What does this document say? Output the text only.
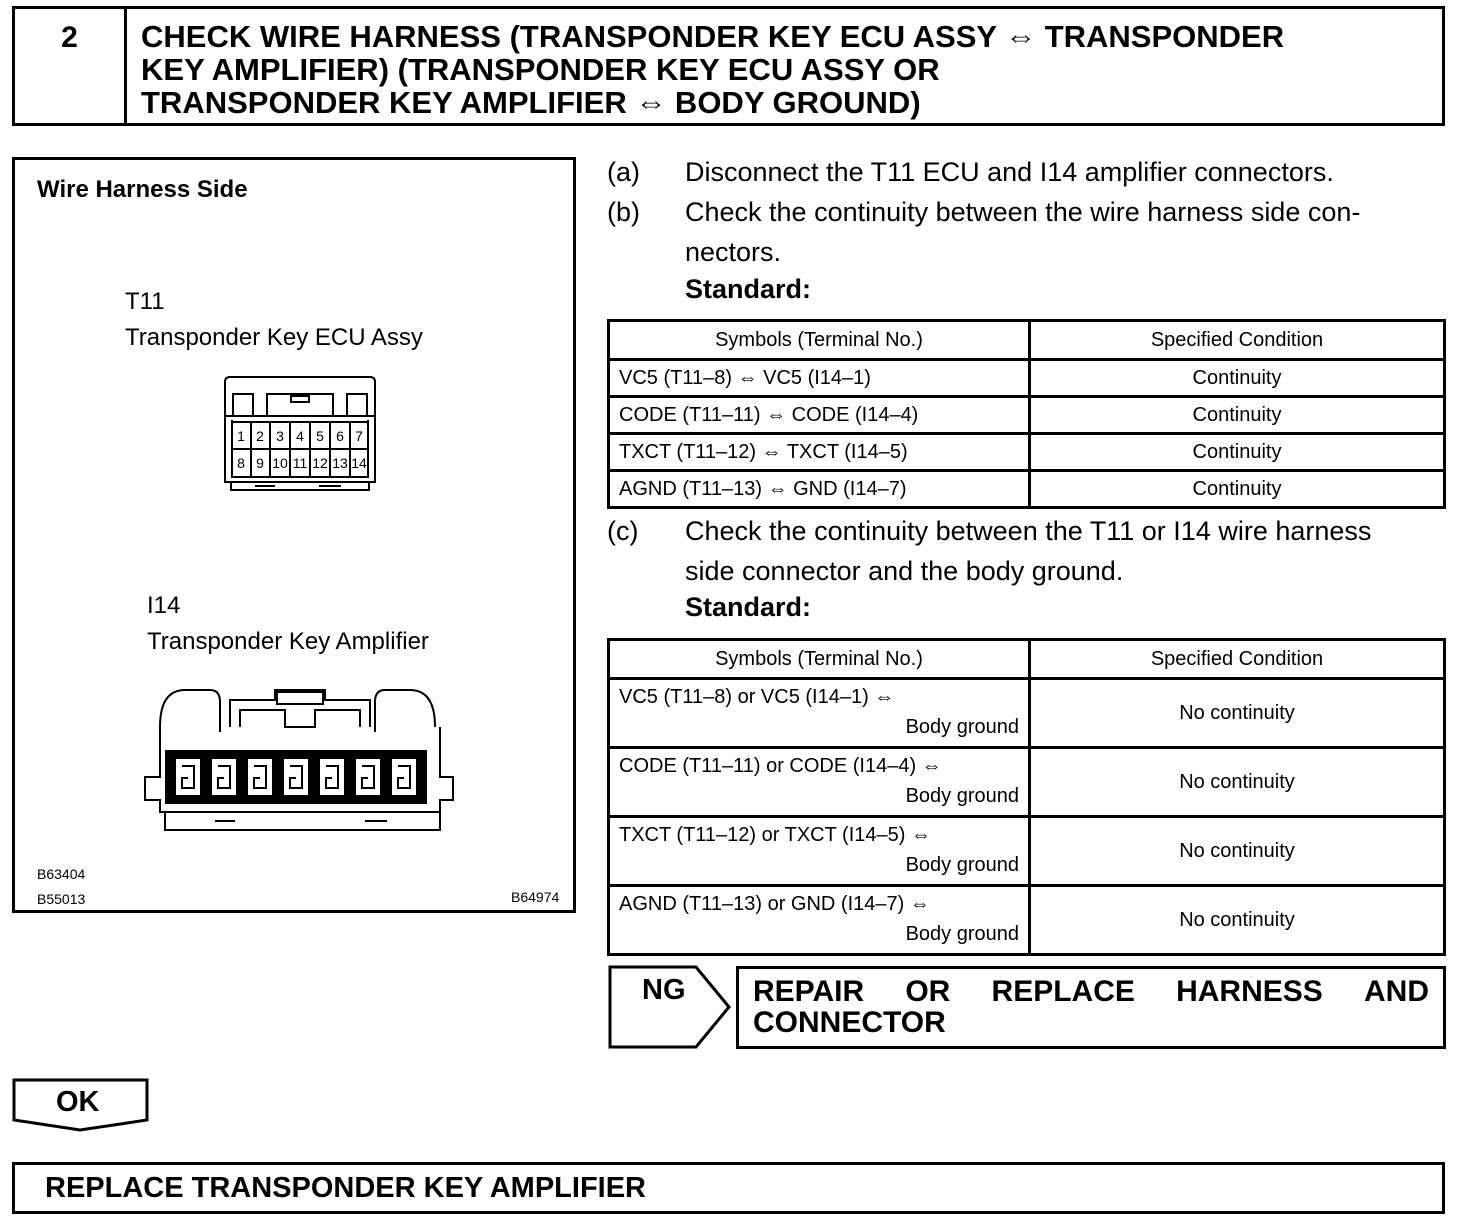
2	CHECK WIRE HARNESS (TRANSPONDER KEY ECU ASSY ⇔ TRANSPONDER
KEY AMPLIFIER) (TRANSPONDER KEY ECU ASSY OR
TRANSPONDER KEY AMPLIFIER ⇔ BODY GROUND)
Wire Harness Side
T11
Transponder Key ECU Assy
1 2 3 4 5 6 7
8 9 10 11 12 13 14
I14
Transponder Key Amplifier
B63404
B55013	B64974
(a) Disconnect the T11 ECU and I14 amplifier connectors.
(b) Check the continuity between the wire harness side con-
nectors.
Standard:
Symbols (Terminal No.)	Specified Condition
VC5 (T11–8) ⇔ VC5 (I14–1)	Continuity
CODE (T11–11) ⇔ CODE (I14–4)	Continuity
TXCT (T11–12) ⇔ TXCT (I14–5)	Continuity
AGND (T11–13) ⇔ GND (I14–7)	Continuity
(c) Check the continuity between the T11 or I14 wire harness
side connector and the body ground.
Standard:
Symbols (Terminal No.)	Specified Condition

VC5 (T11–8) or VC5 (I14–1) ⇔
Body ground	No continuity

CODE (T11–11) or CODE (I14–4) ⇔
Body ground	No continuity

TXCT (T11–12) or TXCT (I14–5) ⇔
Body ground	No continuity

AGND (T11–13) or GND (I14–7) ⇔
Body ground	No continuity
NG REPAIR OR REPLACE HARNESS AND
CONNECTOR
OK
REPLACE TRANSPONDER KEY AMPLIFIER
